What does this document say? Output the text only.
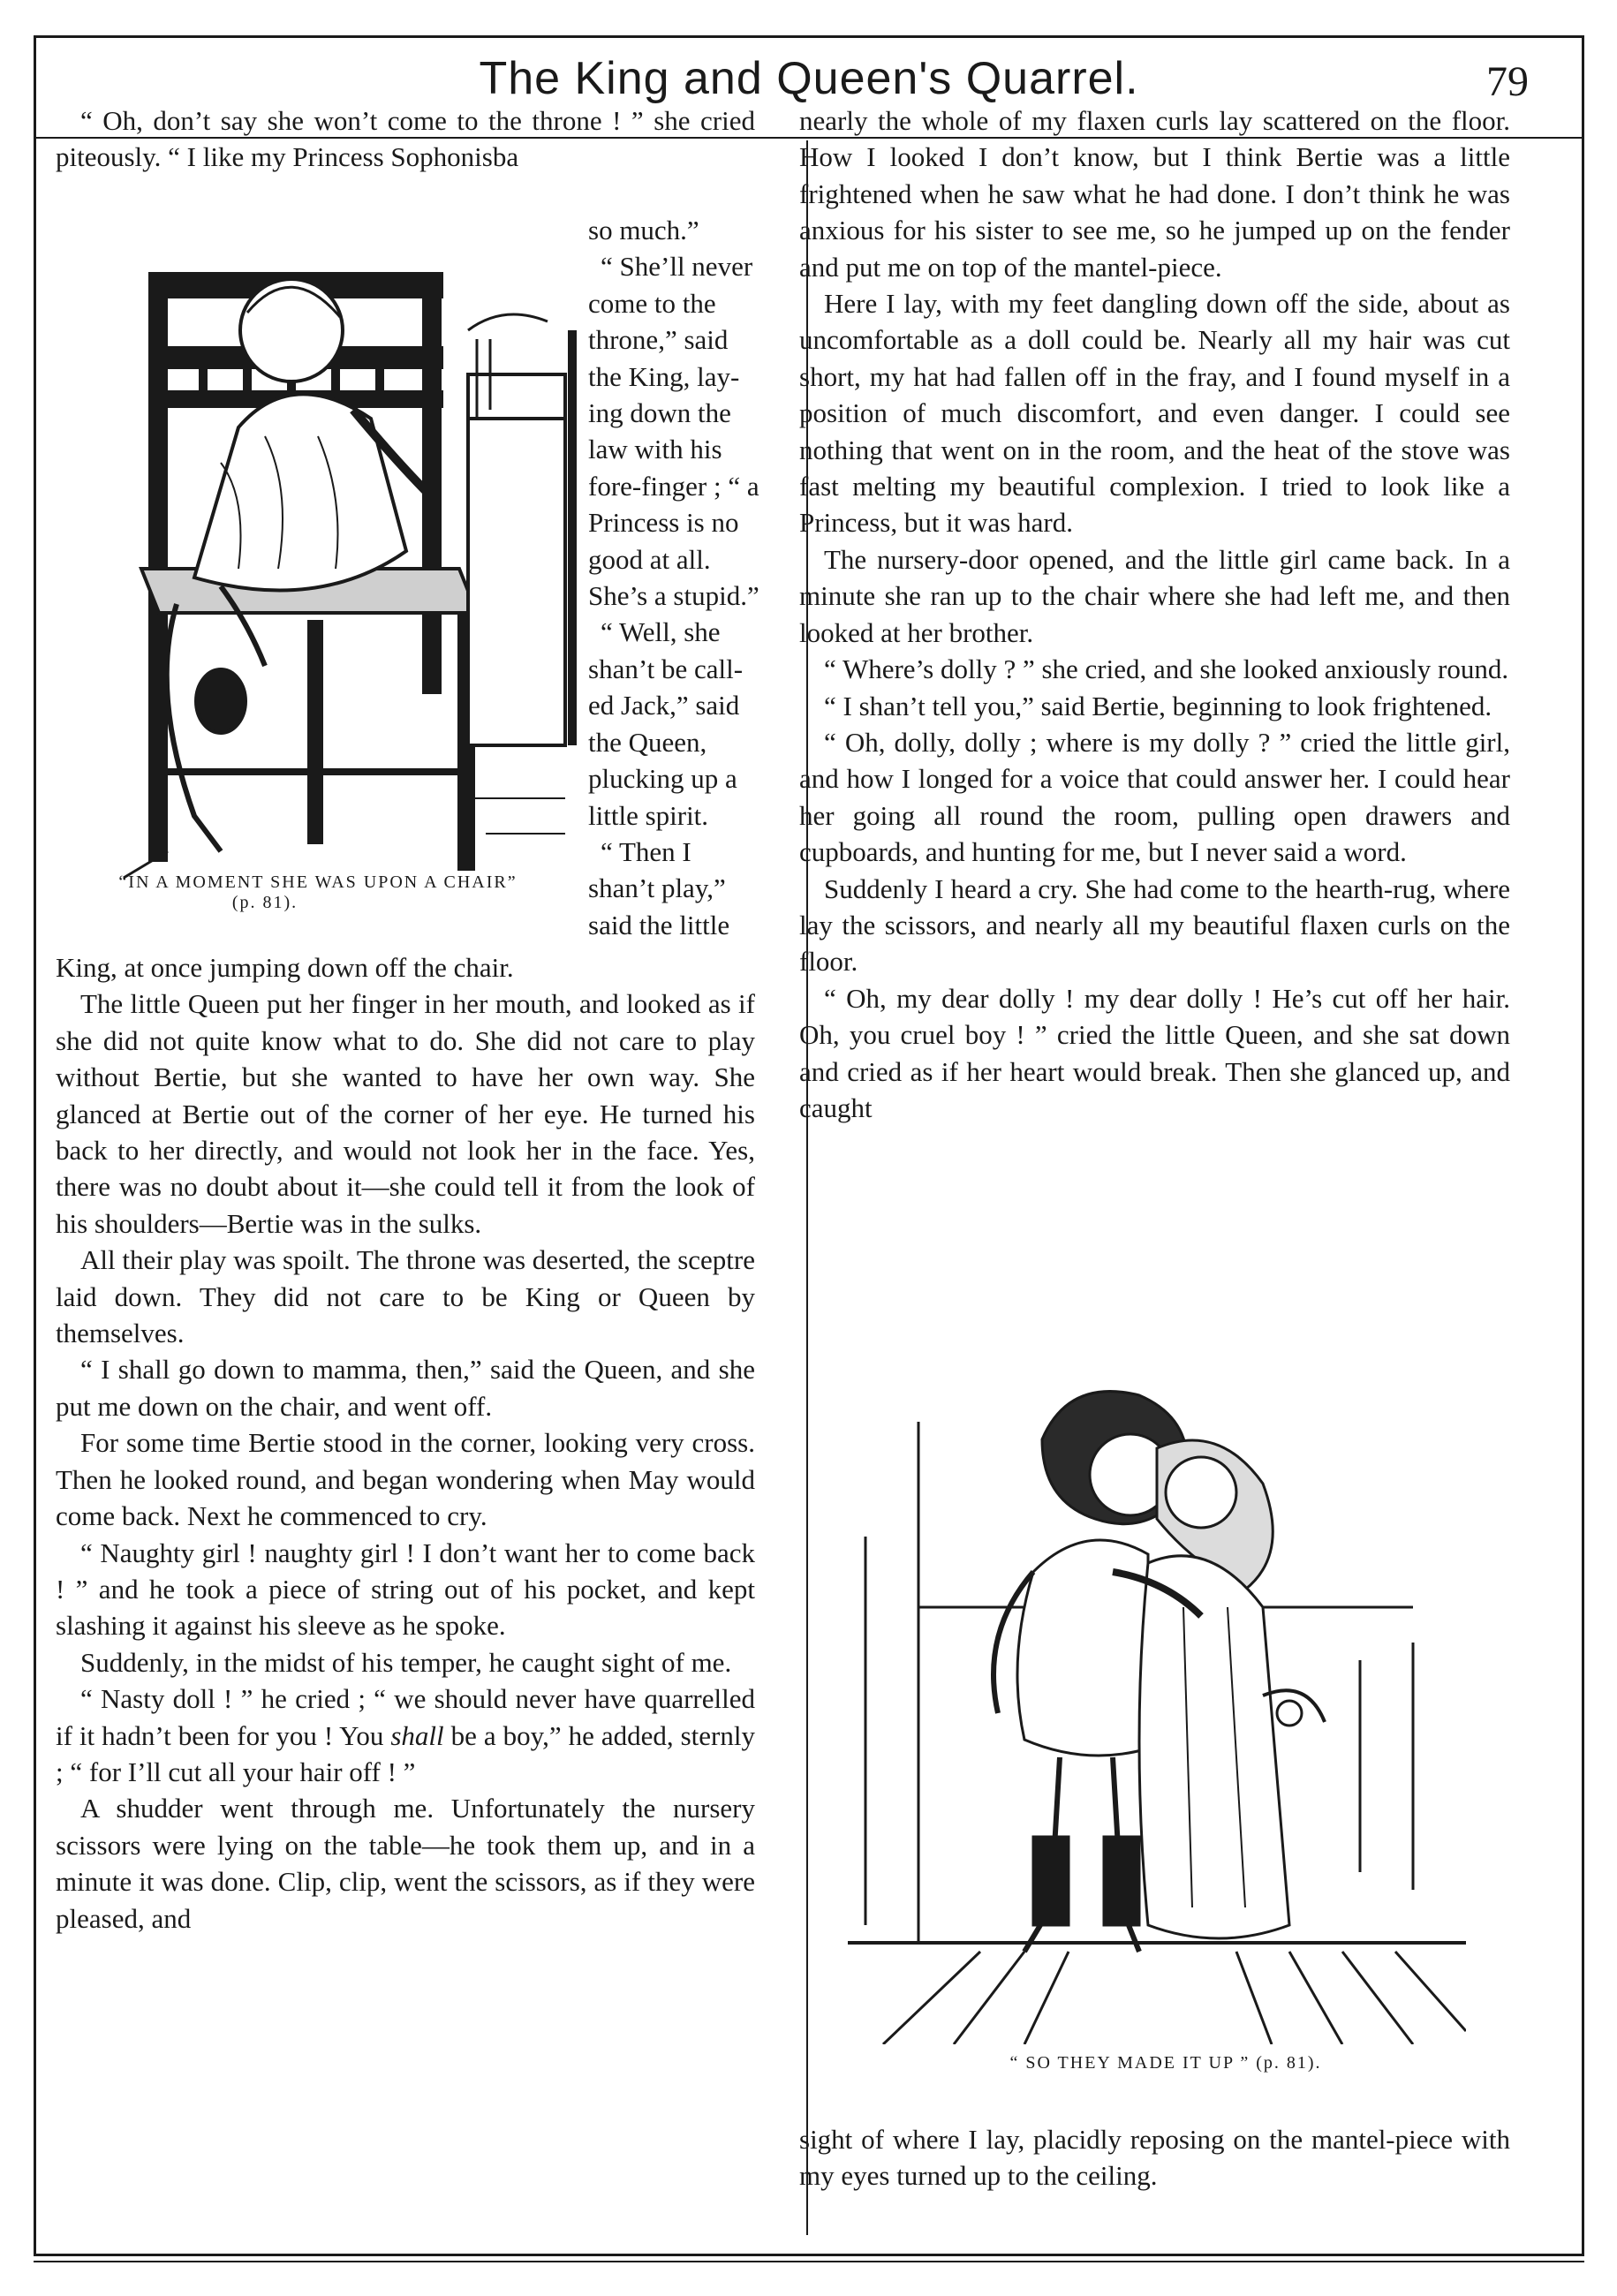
The King and Queen's Quarrel.	79

“ Oh, don’t say she won’t come to the throne ! ” she cried piteously. “ I like my Princess Sophonisba

so much.”

“ She’ll never

come to the

throne,” said

the King, lay-

ing down the

law with his

fore-finger ; “ a

Princess is no

good at all.

She’s a stupid.”

“ Well, she

shan’t be call-

ed Jack,” said

the Queen,

plucking up a

little spirit.

“ Then I

shan’t play,”

said the little

“IN A MOMENT SHE WAS UPON A CHAIR”
(p. 81).

King, at once jumping down off the chair.

The little Queen put her finger in her mouth, and looked as if she did not quite know what to do. She did not care to play without Bertie, but she wanted to have her own way. She glanced at Bertie out of the corner of her eye. He turned his back to her directly, and would not look her in the face. Yes, there was no doubt about it—she could tell it from the look of his shoulders—Bertie was in the sulks.

All their play was spoilt. The throne was deserted, the sceptre laid down. They did not care to be King or Queen by themselves.

“ I shall go down to mamma, then,” said the Queen, and she put me down on the chair, and went off.

For some time Bertie stood in the corner, looking very cross. Then he looked round, and began wondering when May would come back. Next he commenced to cry.

“ Naughty girl ! naughty girl ! I don’t want her to come back ! ” and he took a piece of string out of his pocket, and kept slashing it against his sleeve as he spoke.

Suddenly, in the midst of his temper, he caught sight of me.

“ Nasty doll ! ” he cried ; “ we should never have quarrelled if it hadn’t been for you ! You shall be a boy,” he added, sternly ; “ for I’ll cut all your hair off ! ”

A shudder went through me. Unfortunately the nursery scissors were lying on the table—he took them up, and in a minute it was done. Clip, clip, went the scissors, as if they were pleased, and

nearly the whole of my flaxen curls lay scattered on the floor. How I looked I don’t know, but I think Bertie was a little frightened when he saw what he had done. I don’t think he was anxious for his sister to see me, so he jumped up on the fender and put me on top of the mantel-piece.

Here I lay, with my feet dangling down off the side, about as uncomfortable as a doll could be. Nearly all my hair was cut short, my hat had fallen off in the fray, and I found myself in a position of much discomfort, and even danger. I could see nothing that went on in the room, and the heat of the stove was fast melting my beautiful complexion. I tried to look like a Princess, but it was hard.

The nursery-door opened, and the little girl came back. In a minute she ran up to the chair where she had left me, and then looked at her brother.

“ Where’s dolly ? ” she cried, and she looked anxiously round.

“ I shan’t tell you,” said Bertie, beginning to look frightened.

“ Oh, dolly, dolly ; where is my dolly ? ” cried the little girl, and how I longed for a voice that could answer her. I could hear her going all round the room, pulling open drawers and cupboards, and hunting for me, but I never said a word.

Suddenly I heard a cry. She had come to the hearth-rug, where lay the scissors, and nearly all my beautiful flaxen curls on the floor.

“ Oh, my dear dolly ! my dear dolly ! He’s cut off her hair. Oh, you cruel boy ! ” cried the little Queen, and she sat down and cried as if her heart would break. Then she glanced up, and caught

“ SO THEY MADE IT UP ” (p. 81).

sight of where I lay, placidly reposing on the mantel-piece with my eyes turned up to the ceiling.
